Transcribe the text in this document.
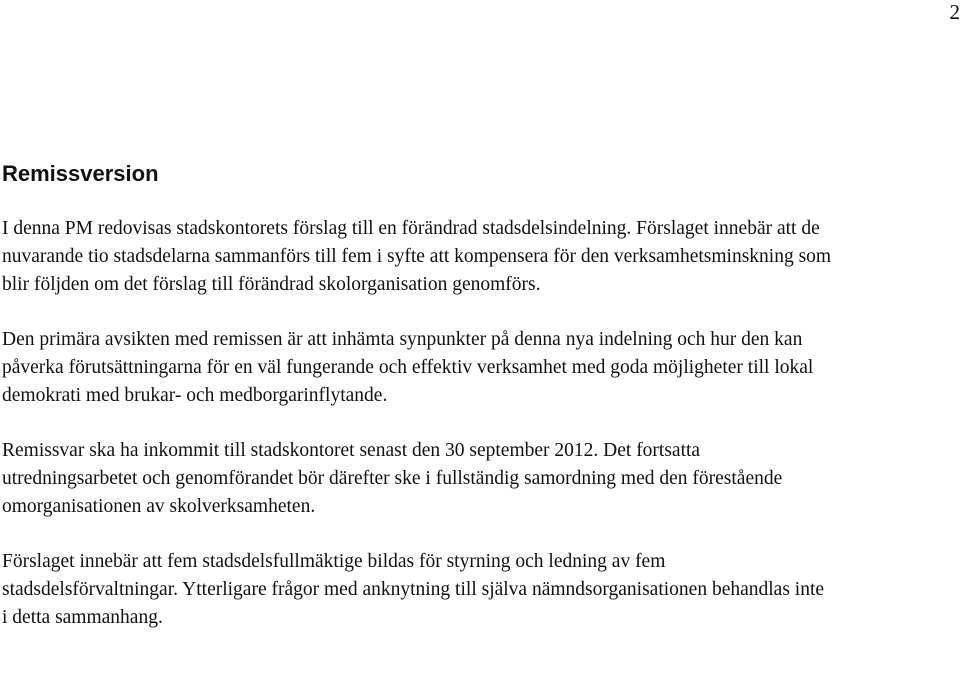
2
Remissversion

I denna PM redovisas stadskontorets förslag till en förändrad stadsdelsindelning. Förslaget innebär att de nuvarande tio stadsdelarna sammanförs till fem i syfte att kompensera för den verksamhetsminskning som blir följden om det förslag till förändrad skolorganisation genomförs.

Den primära avsikten med remissen är att inhämta synpunkter på denna nya indelning och hur den kan påverka förutsättningarna för en väl fungerande och effektiv verksamhet med goda möjligheter till lokal demokrati med brukar- och medborgarinflytande.

Remissvar ska ha inkommit till stadskontoret senast den 30 september 2012. Det fortsatta utredningsarbetet och genomförandet bör därefter ske i fullständig samordning med den förestående omorganisationen av skolverksamheten.

Förslaget innebär att fem stadsdelsfullmäktige bildas för styrning och ledning av fem stadsdelsförvaltningar. Ytterligare frågor med anknytning till själva nämndsorganisationen behandlas inte i detta sammanhang.
